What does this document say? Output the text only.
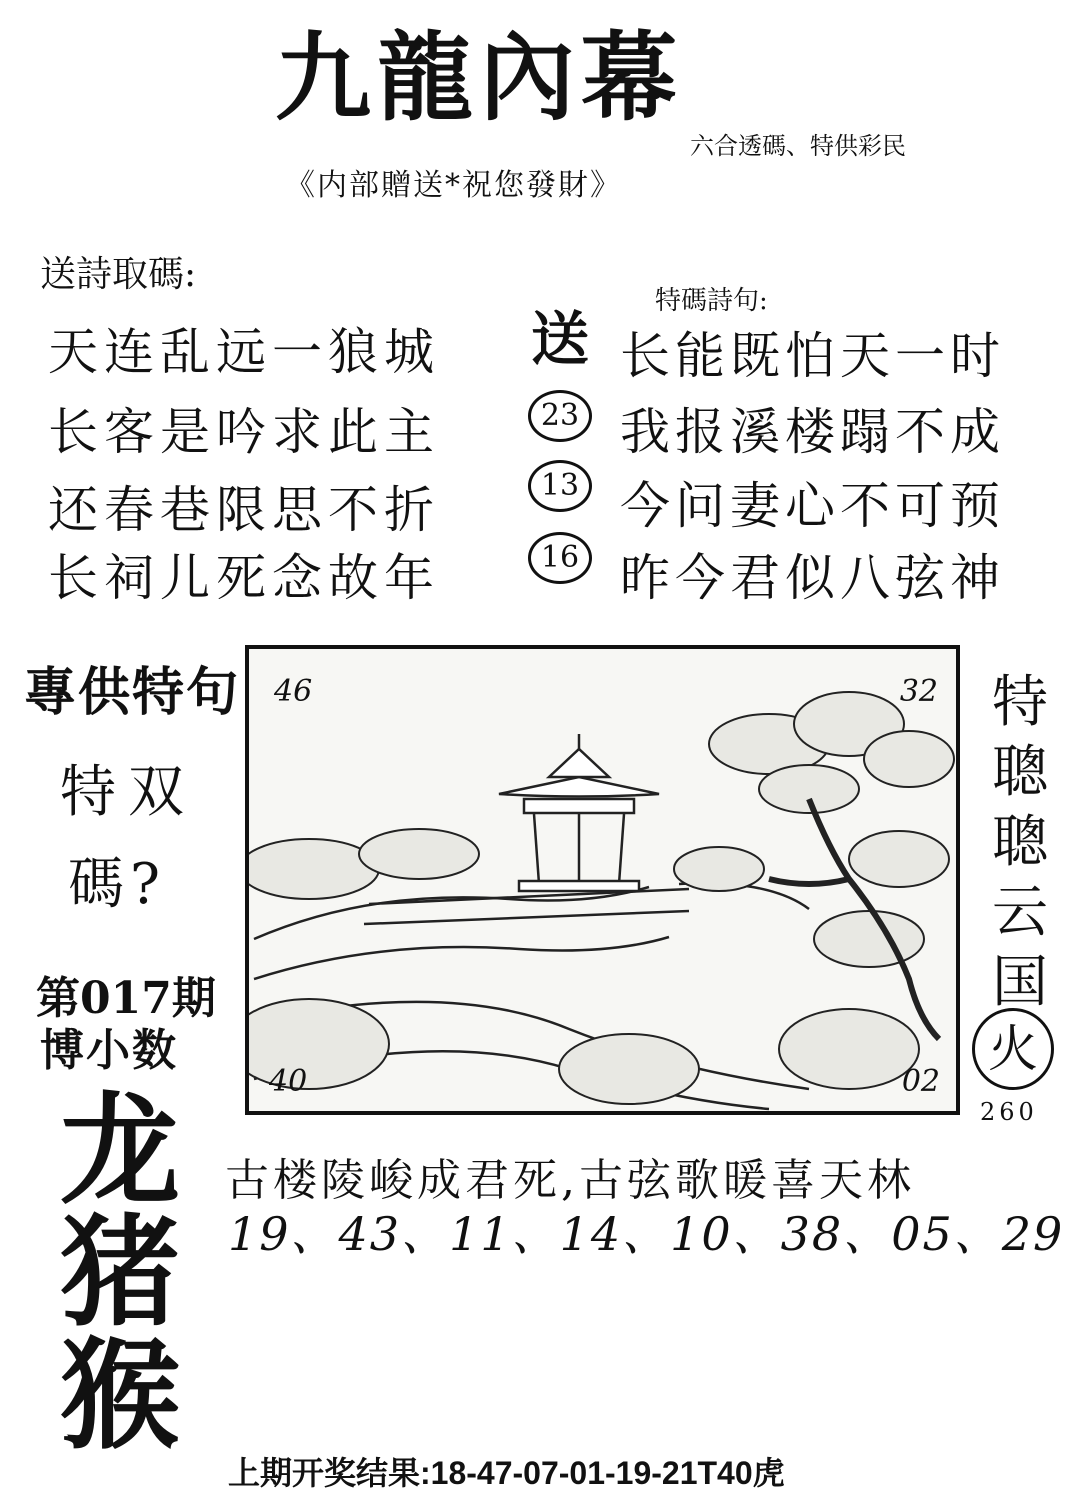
九龍內幕
六合透碼、特供彩民
《内部贈送*祝您發財》
送詩取碼:
天连乱远一狼城
长客是吟求此主
还春巷限思不折
长祠儿死念故年
特碼詩句:
送
23
13
16
长能既怕天一时
我报溪楼蹋不成
今问妻心不可预
昨今君似八弦神
專供特句
特双
碼?
第017期
博小数
龙猪猴
46	32
40	02
特
聰
聰
云
国
火
260
古楼陵峻成君死,古弦歌暖喜天林
19、43、11、14、10、38、05、29
上期开奖结果:18-47-07-01-19-21T40虎
